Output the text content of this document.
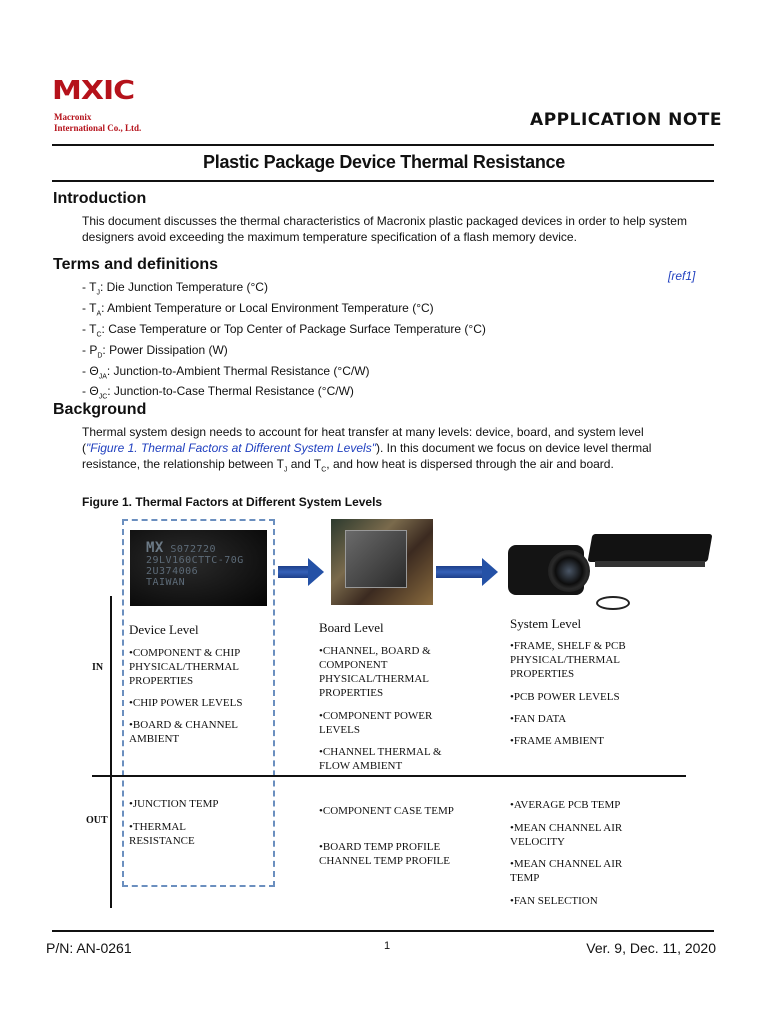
MXIC
Macronix
International Co., Ltd.	APPLICATION NOTE
Plastic Package Device Thermal Resistance
Introduction
This document discusses the thermal characteristics of Macronix plastic packaged devices in order to help system designers avoid exceeding the maximum temperature specification of a flash memory device.
Terms and definitions
[ref1]
- $T_J$: Die Junction Temperature (°C)
- $T_A$: Ambient Temperature or Local Environment Temperature (°C)
- $T_C$: Case Temperature or Top Center of Package Surface Temperature (°C)
- $P_D$: Power Dissipation (W)
- $\Theta_{JA}$: Junction-to-Ambient Thermal Resistance (°C/W)
- $\Theta_{JC}$: Junction-to-Case Thermal Resistance (°C/W)
Background
Thermal system design needs to account for heat transfer at many levels: device, board, and system level
("Figure 1. Thermal Factors at Different System Levels"). In this document we focus on device level thermal
resistance, the relationship between $T_J$ and $T_C$, and how heat is dispersed through the air and board.
Figure 1. Thermal Factors at Different System Levels
MX S072720
29LV160CTTC-70G
2U374006
TAIWAN
IN
OUT
Device Level
•COMPONENT & CHIP PHYSICAL/THERMAL PROPERTIES
•CHIP POWER LEVELS
•BOARD & CHANNEL AMBIENT
•JUNCTION TEMP
•THERMAL RESISTANCE
Board Level
•CHANNEL, BOARD & COMPONENT PHYSICAL/THERMAL PROPERTIES
•COMPONENT POWER LEVELS
•CHANNEL THERMAL & FLOW AMBIENT
•COMPONENT CASE TEMP
•BOARD TEMP PROFILE CHANNEL TEMP PROFILE
System Level
•FRAME, SHELF & PCB PHYSICAL/THERMAL PROPERTIES
•PCB POWER LEVELS
•FAN DATA
•FRAME AMBIENT
•AVERAGE PCB TEMP
•MEAN CHANNEL AIR VELOCITY
•MEAN CHANNEL AIR TEMP
•FAN SELECTION
P/N: AN-0261	1	Ver. 9, Dec. 11, 2020
